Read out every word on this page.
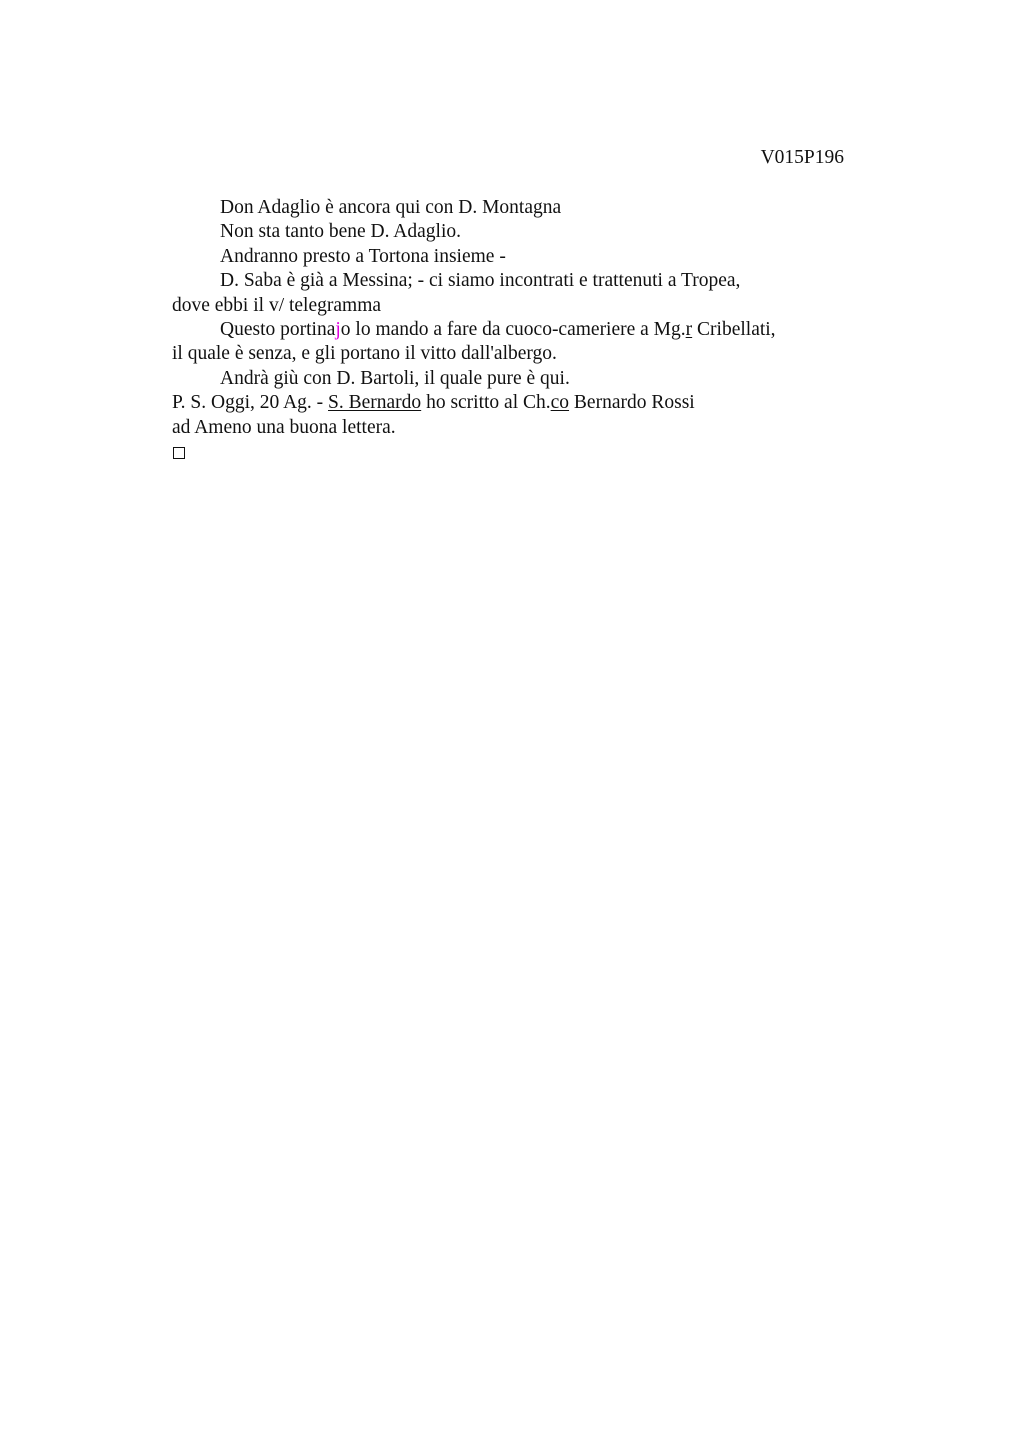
V015P196
Don Adaglio è ancora qui con D. Montagna
Non sta tanto bene D. Adaglio.
Andranno presto a Tortona insieme -
D. Saba è già a Messina; - ci siamo incontrati e trattenuti a Tropea,
dove ebbi il v/ telegramma
Questo portinajo lo mando a fare da cuoco-cameriere a Mg.r Cribellati,
il quale è senza, e gli portano il vitto dall'albergo.
Andrà giù con D. Bartoli, il quale pure è qui.
P. S. Oggi, 20 Ag. - S. Bernardo ho scritto al Ch.co Bernardo Rossi
ad Ameno una buona lettera.
